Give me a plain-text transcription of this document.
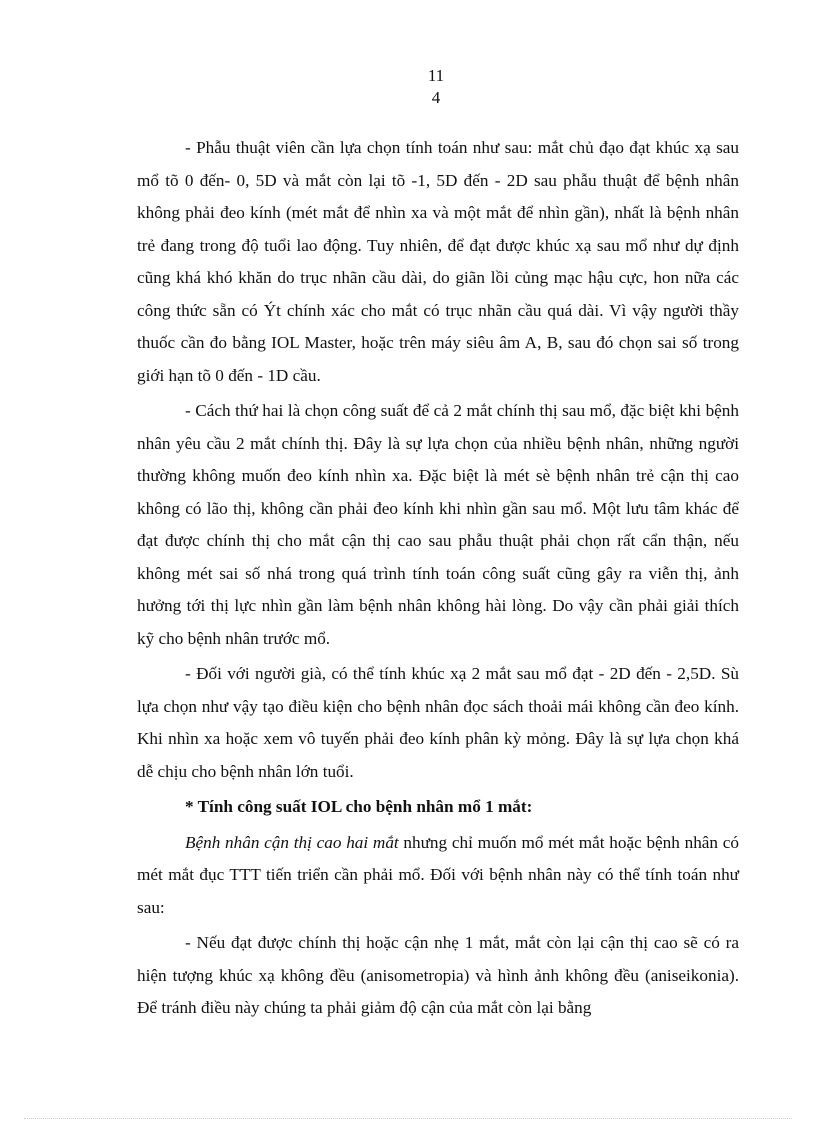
11
4

- Phẫu thuật viên cần lựa chọn tính toán như sau: mắt chủ đạo đạt khúc xạ sau mổ tõ 0 đến- 0, 5D và mắt còn lại tõ -1, 5D đến - 2D sau phẫu thuật để bệnh nhân không phải đeo kính (mét mắt để nhìn xa và một mắt để nhìn gần), nhất là bệnh nhân trẻ đang trong độ tuổi lao động. Tuy nhiên, để đạt được khúc xạ sau mổ như dự định cũng khá khó khăn do trục nhãn cầu dài, do giãn lồi củng mạc hậu cực, hon nữa các công thức sẵn có Ýt chính xác cho mắt có trục nhãn cầu quá dài. Vì vậy người thầy thuốc cần đo bằng IOL Master, hoặc trên máy siêu âm A, B, sau đó chọn sai số trong giới hạn tõ 0 đến - 1D cầu.

- Cách thứ hai là chọn công suất để cả 2 mắt chính thị sau mổ, đặc biệt khi bệnh nhân yêu cầu 2 mắt chính thị. Đây là sự lựa chọn của nhiều bệnh nhân, những người thường không muốn đeo kính nhìn xa. Đặc biệt là mét sè bệnh nhân trẻ cận thị cao không có lão thị, không cần phải đeo kính khi nhìn gần sau mổ. Một lưu tâm khác để đạt được chính thị cho mắt cận thị cao sau phẫu thuật phải chọn rất cẩn thận, nếu không mét sai số nhá trong quá trình tính toán công suất cũng gây ra viễn thị, ảnh hưởng tới thị lực nhìn gần làm bệnh nhân không hài lòng. Do vậy cần phải giải thích kỹ cho bệnh nhân trước mổ.

- Đối với người già, có thể tính khúc xạ 2 mắt sau mổ đạt - 2D đến - 2,5D. Sù lựa chọn như vậy tạo điều kiện cho bệnh nhân đọc sách thoải mái không cần đeo kính. Khi nhìn xa hoặc xem vô tuyến phải đeo kính phân kỳ mỏng. Đây là sự lựa chọn khá dễ chịu cho bệnh nhân lớn tuổi.

* Tính công suất IOL cho bệnh nhân mổ 1 mắt:

Bệnh nhân cận thị cao hai mắt nhưng chỉ muốn mổ mét mắt hoặc bệnh nhân có mét mắt đục TTT tiến triển cần phải mổ. Đối với bệnh nhân này có thể tính toán như sau:

- Nếu đạt được chính thị hoặc cận nhẹ 1 mắt, mắt còn lại cận thị cao sẽ có ra hiện tượng khúc xạ không đều (anisometropia) và hình ảnh không đều (aniseikonia). Để tránh điều này chúng ta phải giảm độ cận của mắt còn lại bằng
